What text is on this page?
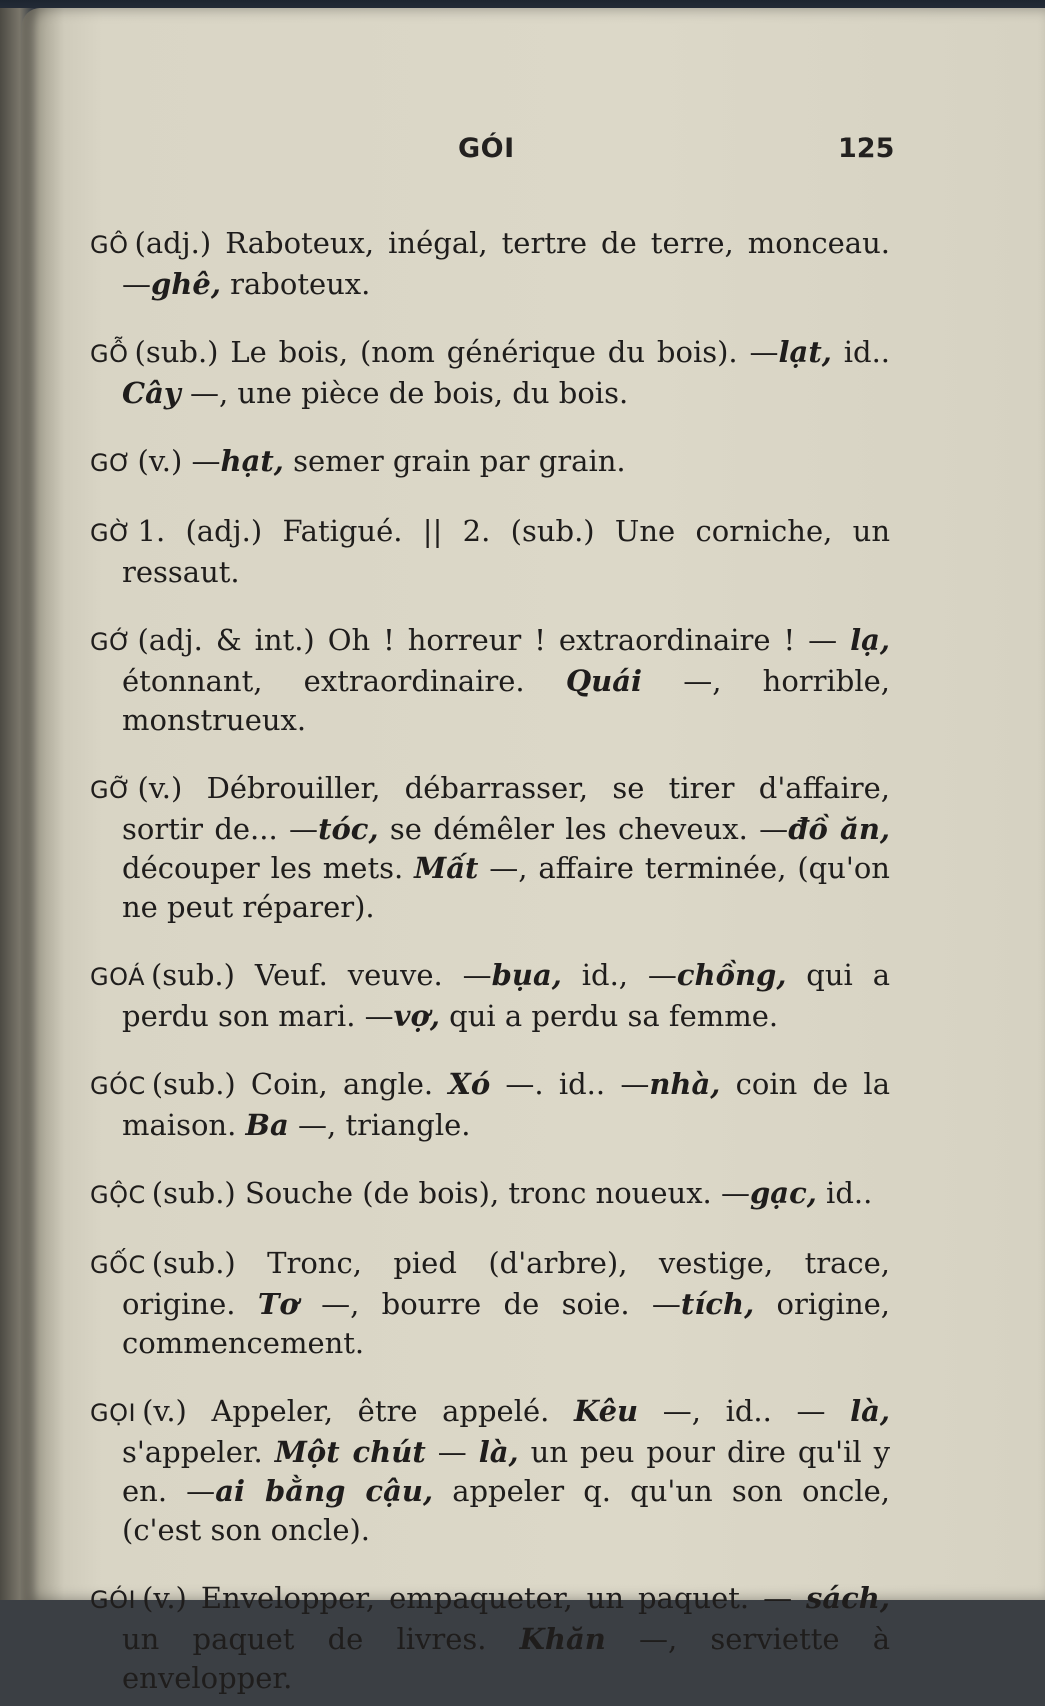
GÓI	125

GÔ (adj.) Raboteux, inégal, tertre de terre, monceau. —ghê, raboteux.

GỖ (sub.) Le bois, (nom générique du bois). —lạt, id.. Cây —, une pièce de bois, du bois.

GƠ (v.) —hạt, semer grain par grain.

GỜ 1. (adj.) Fatigué. || 2. (sub.) Une corniche, un ressaut.

GỚ (adj. & int.) Oh ! horreur ! extraordinaire ! — lạ, étonnant, extraordinaire. Quái —, horrible, monstrueux.

GỠ (v.) Débrouiller, débarrasser, se tirer d'affaire, sortir de... —tóc, se démêler les cheveux. —đồ ăn, découper les mets. Mất —, affaire terminée, (qu'on ne peut réparer).

GOÁ (sub.) Veuf. veuve. —bụa, id., —chồng, qui a perdu son mari. —vợ, qui a perdu sa femme.

GÓC (sub.) Coin, angle. Xó —. id.. —nhà, coin de la maison. Ba —, triangle.

GỘC (sub.) Souche (de bois), tronc noueux. —gạc, id..

GỐC (sub.) Tronc, pied (d'arbre), vestige, trace, origine. Tơ —, bourre de soie. —tích, origine, commencement.

GỌI (v.) Appeler, être appelé. Kêu —, id.. — là, s'appeler. Một chút — là, un peu pour dire qu'il y en. —ai bằng cậu, appeler q. qu'un son oncle, (c'est son oncle).

GÓI (v.) Envelopper, empaqueter, un paquet. — sách, un paquet de livres. Khăn —, serviette à envelopper.
